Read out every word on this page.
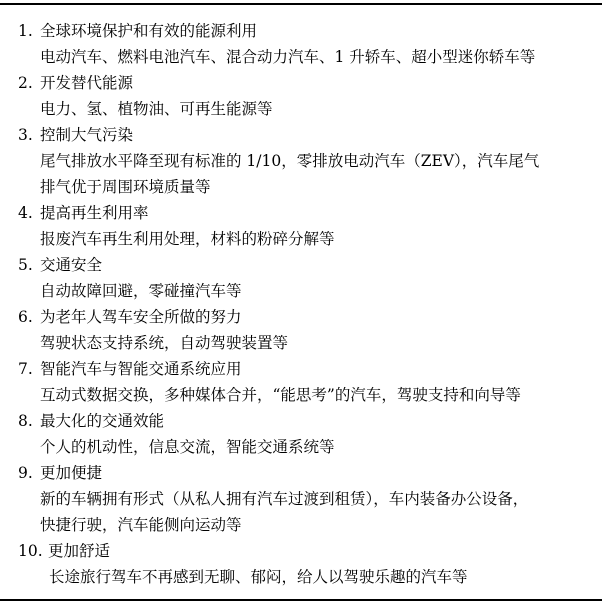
1. 全球环境保护和有效的能源利用
电动汽车、燃料电池汽车、混合动力汽车、1 升轿车、超小型迷你轿车等
2. 开发替代能源
电力、氢、植物油、可再生能源等
3. 控制大气污染
尾气排放水平降至现有标准的 1/10，零排放电动汽车（ZEV），汽车尾气
排气优于周围环境质量等
4. 提高再生利用率
报废汽车再生利用处理，材料的粉碎分解等
5. 交通安全
自动故障回避，零碰撞汽车等
6. 为老年人驾车安全所做的努力
驾驶状态支持系统，自动驾驶装置等
7. 智能汽车与智能交通系统应用
互动式数据交换，多种媒体合并，“能思考”的汽车，驾驶支持和向导等
8. 最大化的交通效能
个人的机动性，信息交流，智能交通系统等
9. 更加便捷
新的车辆拥有形式（从私人拥有汽车过渡到租赁），车内装备办公设备，
快捷行驶，汽车能侧向运动等
10. 更加舒适
长途旅行驾车不再感到无聊、郁闷，给人以驾驶乐趣的汽车等
